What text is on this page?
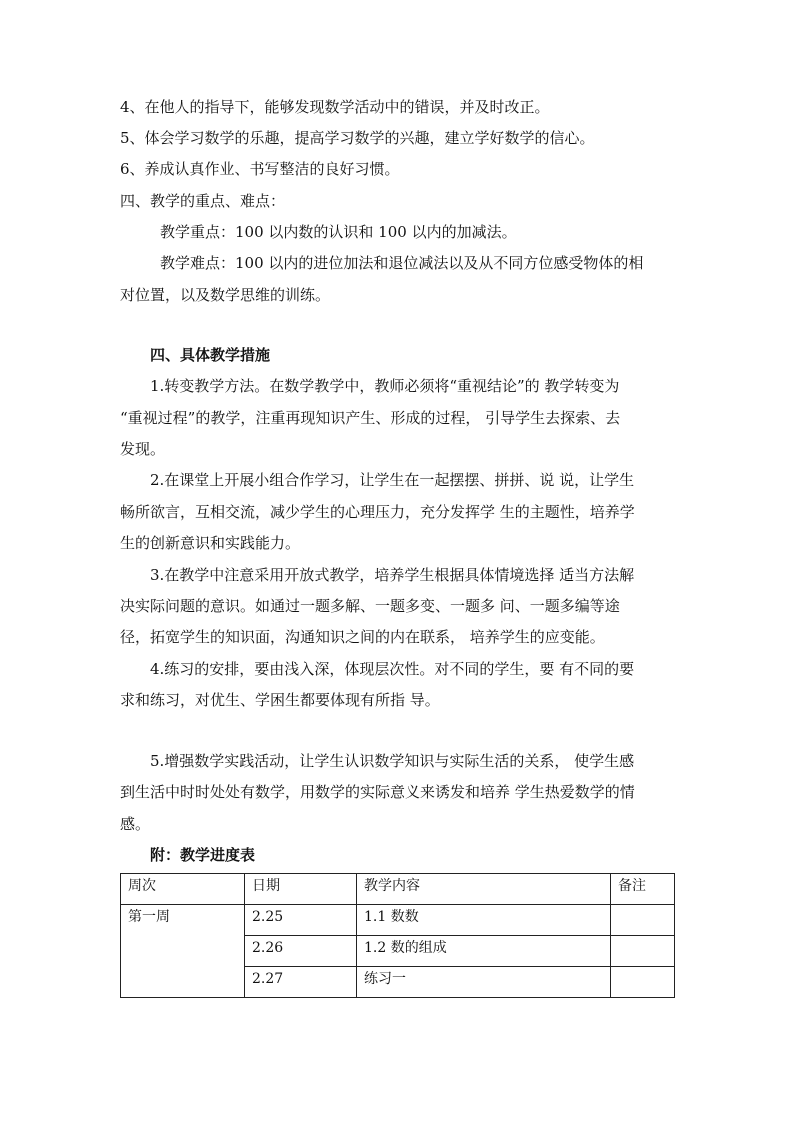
4、在他人的指导下，能够发现数学活动中的错误，并及时改正。
5、体会学习数学的乐趣，提高学习数学的兴趣，建立学好数学的信心。
6、养成认真作业、书写整洁的良好习惯。
四、教学的重点、难点：
教学重点：100 以内数的认识和 100 以内的加减法。
教学难点：100 以内的进位加法和退位减法以及从不同方位感受物体的相
对位置，以及数学思维的训练。
四、具体教学措施
1.转变教学方法。在数学教学中，教师必须将“重视结论”的 教学转变为
“重视过程”的教学，注重再现知识产生、形成的过程， 引导学生去探索、去
发现。
2.在课堂上开展小组合作学习，让学生在一起摆摆、拼拼、说 说，让学生
畅所欲言，互相交流，减少学生的心理压力，充分发挥学 生的主题性，培养学
生的创新意识和实践能力。
3.在教学中注意采用开放式教学，培养学生根据具体情境选择 适当方法解
决实际问题的意识。如通过一题多解、一题多变、一题多 问、一题多编等途
径，拓宽学生的知识面，沟通知识之间的内在联系， 培养学生的应变能。
4.练习的安排，要由浅入深，体现层次性。对不同的学生，要 有不同的要
求和练习，对优生、学困生都要体现有所指 导。
5.增强数学实践活动，让学生认识数学知识与实际生活的关系， 使学生感
到生活中时时处处有数学，用数学的实际意义来诱发和培养 学生热爱数学的情
感。
附：教学进度表
周次	日期	教学内容	备注
第一周	2.25	1.1 数数	
	2.26	1.2 数的组成	
	2.27	练习一	
